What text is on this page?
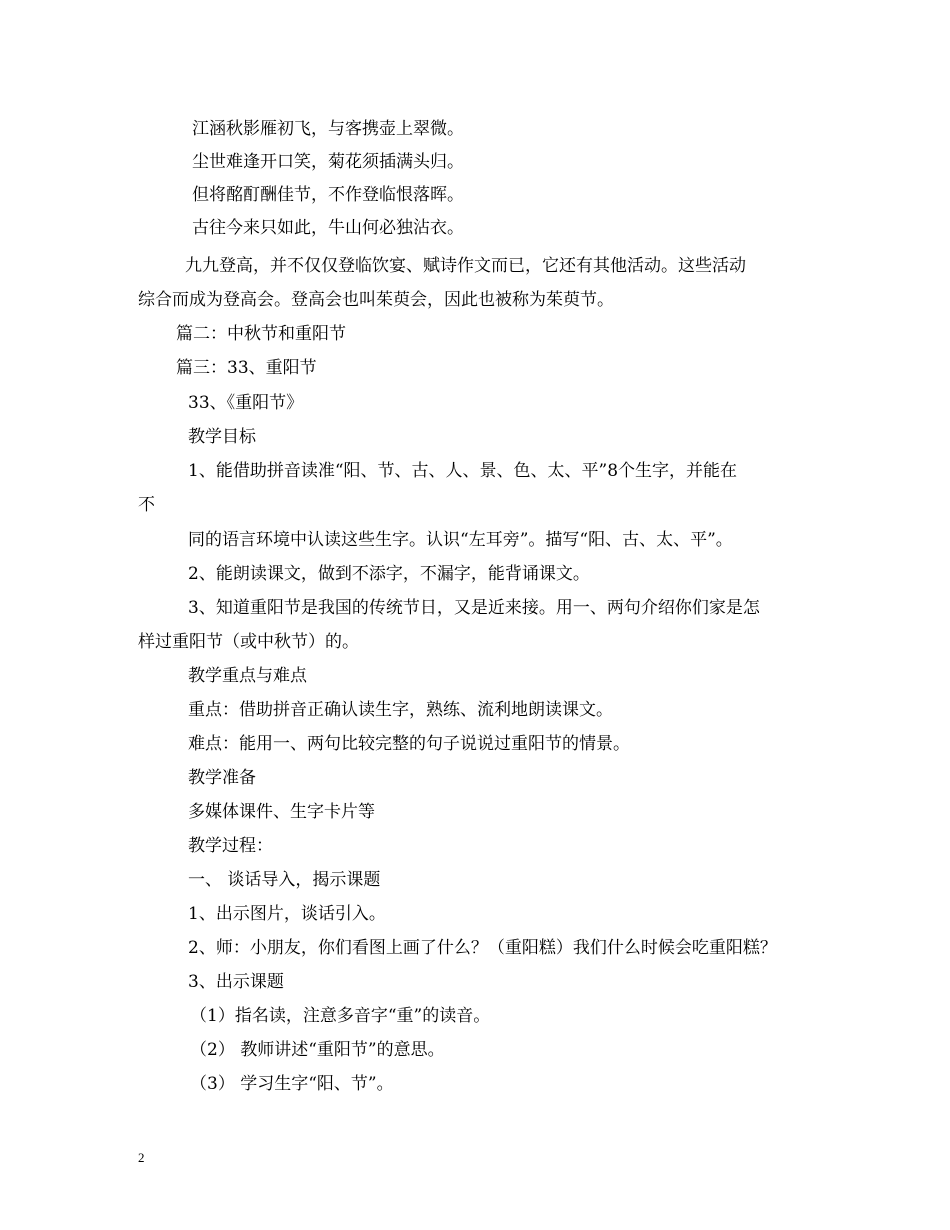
江涵秋影雁初飞，与客携壶上翠微。
尘世难逢开口笑，菊花须插满头归。
但将酩酊酬佳节，不作登临恨落晖。
古往今来只如此，牛山何必独沾衣。
九九登高，并不仅仅登临饮宴、赋诗作文而已，它还有其他活动。这些活动
综合而成为登高会。登高会也叫茱萸会，因此也被称为茱萸节。
篇二：中秋节和重阳节
篇三：33、重阳节
33、《重阳节》
教学目标
1、能借助拼音读准“阳、节、古、人、景、色、太、平”8个生字，并能在
不
同的语言环境中认读这些生字。认识“左耳旁”。描写“阳、古、太、平”。
2、能朗读课文，做到不添字，不漏字，能背诵课文。
3、知道重阳节是我国的传统节日，又是近来接。用一、两句介绍你们家是怎
样过重阳节（或中秋节）的。
教学重点与难点
重点：借助拼音正确认读生字，熟练、流利地朗读课文。
难点：能用一、两句比较完整的句子说说过重阳节的情景。
教学准备
多媒体课件、生字卡片等
教学过程：
一、 谈话导入，揭示课题
1、出示图片，谈话引入。
2、师：小朋友，你们看图上画了什么？（重阳糕）我们什么时候会吃重阳糕？
3、出示课题
（1）指名读，注意多音字“重”的读音。
（2） 教师讲述“重阳节”的意思。
（3） 学习生字“阳、节”。
2
